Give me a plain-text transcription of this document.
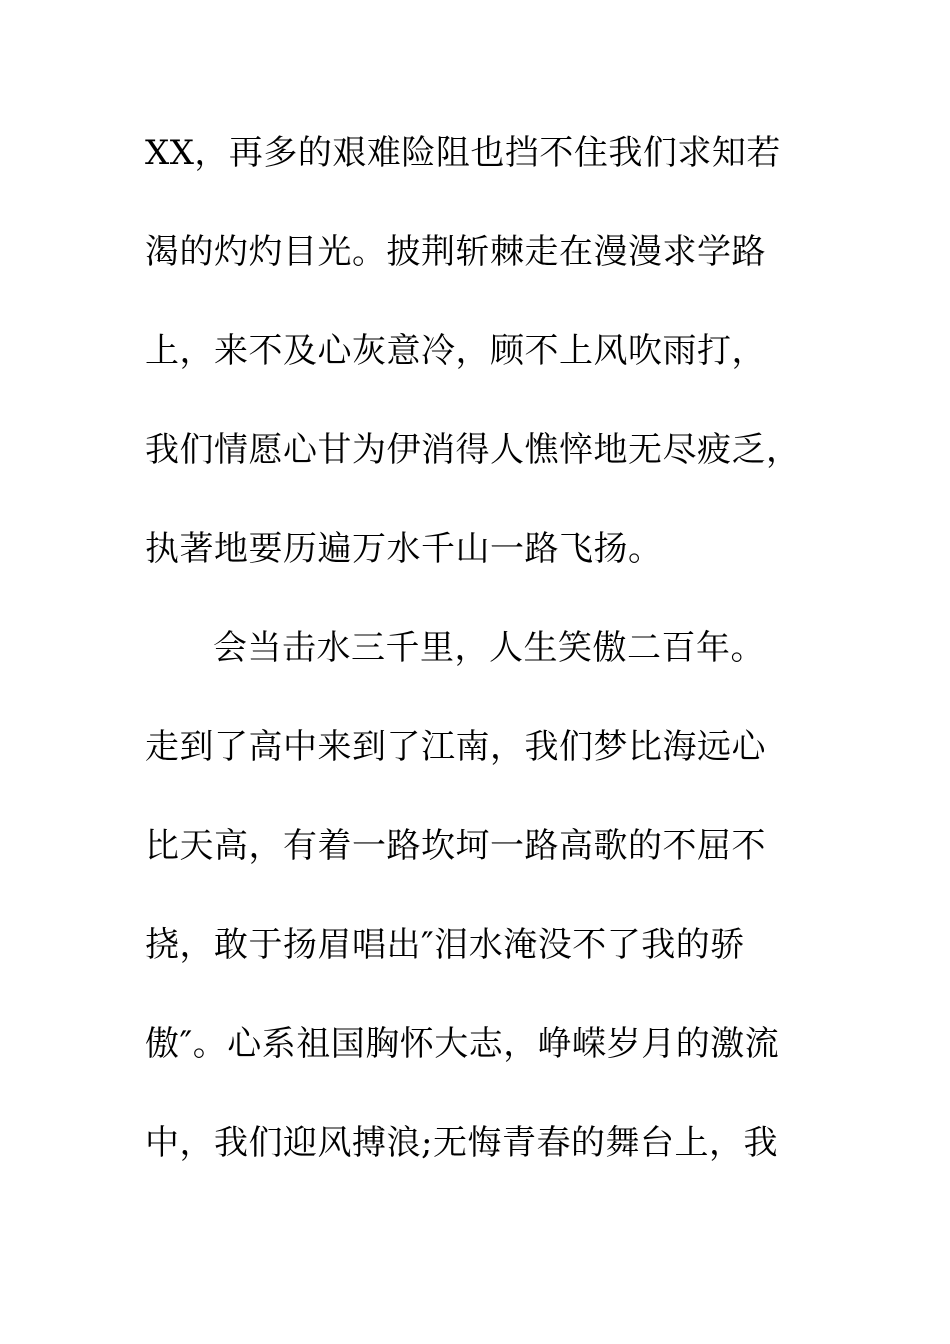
XX，再多的艰难险阻也挡不住我们求知若
渴的灼灼目光。披荆斩棘走在漫漫求学路
上，来不及心灰意冷，顾不上风吹雨打，
我们情愿心甘为伊消得人憔悴地无尽疲乏，
执著地要历遍万水千山一路飞扬。
会当击水三千里，人生笑傲二百年。
走到了高中来到了江南，我们梦比海远心
比天高，有着一路坎坷一路高歌的不屈不
挠，敢于扬眉唱出″泪水淹没不了我的骄
傲″。心系祖国胸怀大志，峥嵘岁月的激流
中，我们迎风搏浪;无悔青春的舞台上，我
